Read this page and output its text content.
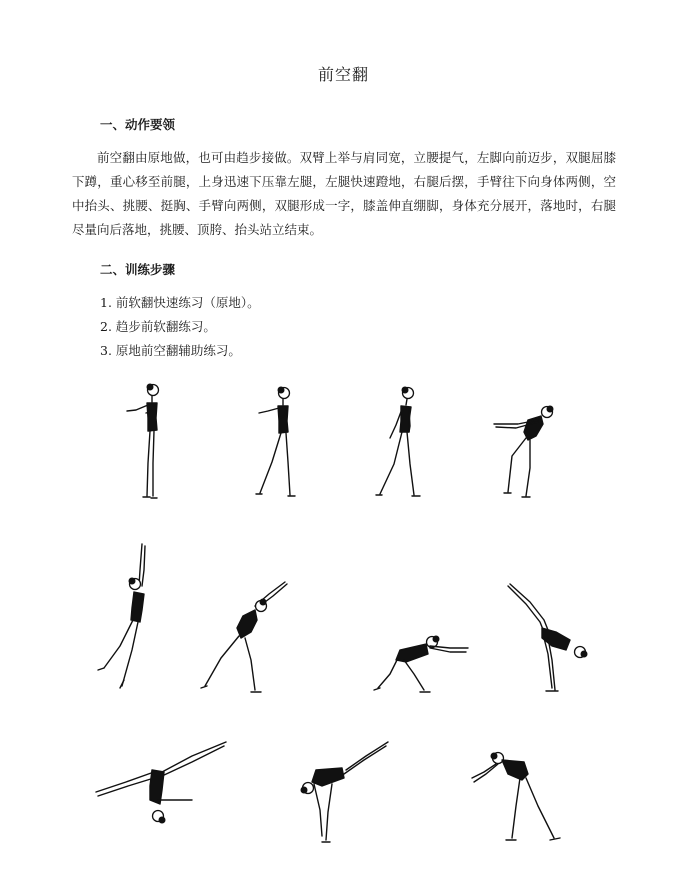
前空翻
一、动作要领

前空翻由原地做，也可由趋步接做。双臂上举与肩同宽，立腰提气，左脚向前迈步，双腿屈膝下蹲，重心移至前腿，上身迅速下压靠左腿，左腿快速蹬地，右腿后摆，手臂往下向身体两侧，空中抬头、挑腰、挺胸、手臂向两侧，双腿形成一字，膝盖伸直绷脚，身体充分展开，落地时，右腿尽量向后落地，挑腰、顶胯、抬头站立结束。

二、训练步骤
1. 前软翻快速练习（原地）。
2. 趋步前软翻练习。
3. 原地前空翻辅助练习。
